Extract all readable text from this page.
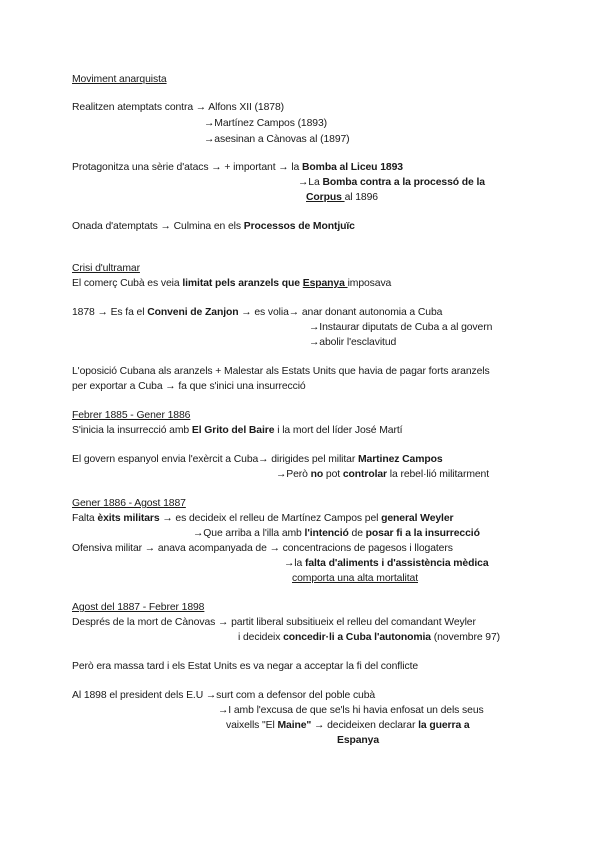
Moviment anarquista
Realitzen atemptats contra → Alfons XII (1878)
→Martínez Campos (1893)
→asesinan a Cànovas al (1897)
Protagonitza una sèrie d'atacs → + important → la Bomba al Liceu 1893
→La Bomba contra a la processó de la
Corpus al 1896
Onada d'atemptats → Culmina en els Processos de Montjuïc
Crisi d'ultramar
El comerç Cubà es veia limitat pels aranzels que Espanya imposava
1878 → Es fa el Conveni de Zanjon → es volia→ anar donant autonomia a Cuba
→Instaurar diputats de Cuba a al govern
→abolir l'esclavitud
L'oposició Cubana als aranzels + Malestar als Estats Units que havia de pagar forts aranzels
per exportar a Cuba → fa que s'inici una insurrecció
Febrer 1885 - Gener 1886
S'inicia la insurrecció amb El Grito del Baire i la mort del líder José Martí
El govern espanyol envia l'exèrcit a Cuba→ dirigides pel militar Martinez Campos
→Però no pot controlar la rebel·lió militarment
Gener 1886 - Agost 1887
Falta èxits militars → es decideix el relleu de Martínez Campos pel general Weyler
→Que arriba a l'illa amb l'intenció de posar fi a la insurrecció
Ofensiva militar → anava acompanyada de → concentracions de pagesos i llogaters
→la falta d'aliments i d'assistència mèdica
comporta una alta mortalitat
Agost del 1887 - Febrer 1898
Després de la mort de Cànovas → partit liberal subsitiueix el relleu del comandant Weyler
i decideix concedir·li a Cuba l'autonomia (novembre 97)
Però era massa tard i els Estat Units es va negar a acceptar la fi del conflicte
Al 1898 el president dels E.U →surt com a defensor del poble cubà
→I amb l'excusa de que se'ls hi havia enfosat un dels seus
vaixells "El Maine" → decideixen declarar la guerra a
Espanya
